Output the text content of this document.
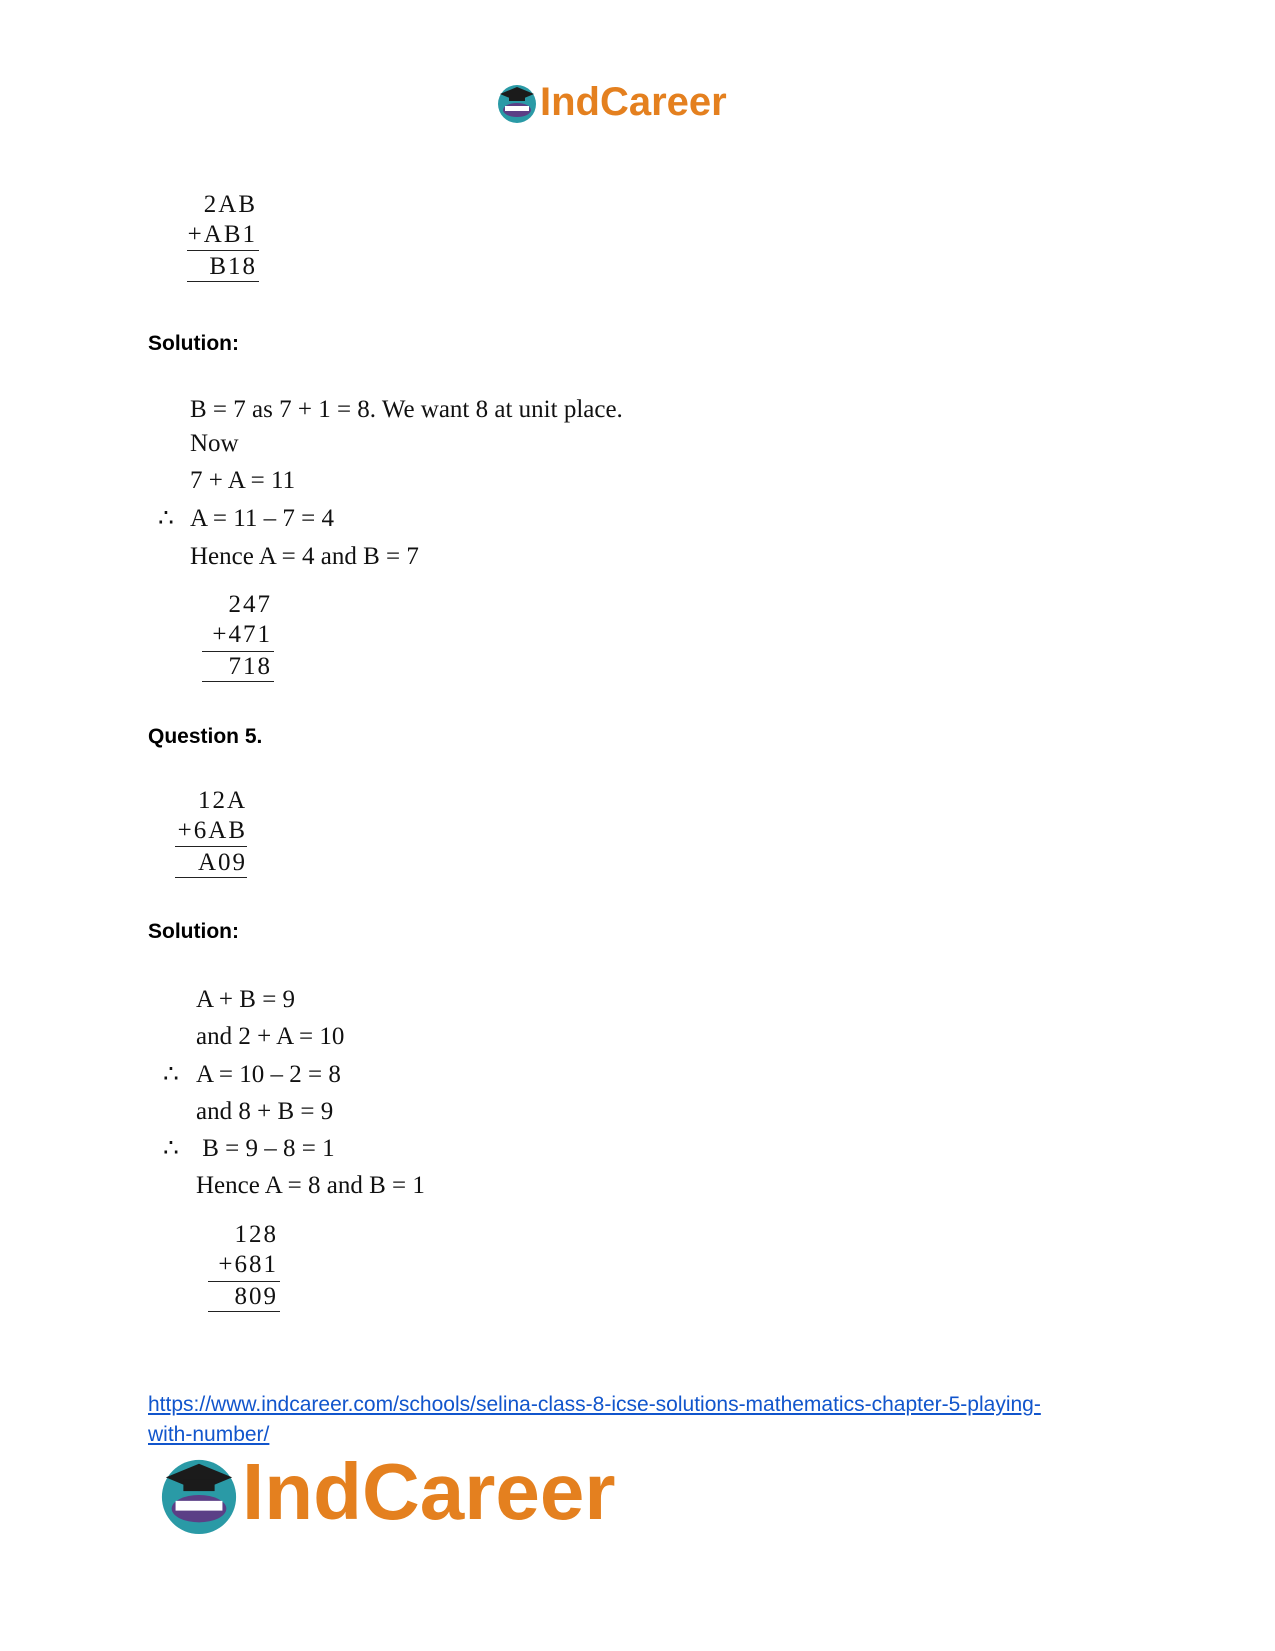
IndCareer
2AB
+AB1
B18
Solution:
B = 7 as 7 + 1 = 8. We want 8 at unit place.
Now
7 + A = 11
∴ A = 11 – 7 = 4
Hence A = 4 and B = 7
247
+471
718
Question 5.
12A
+6AB
A09
Solution:
A + B = 9
and 2 + A = 10
∴ A = 10 – 2 = 8
and 8 + B = 9
∴ B = 9 – 8 = 1
Hence A = 8 and B = 1
128
+681
809
https://www.indcareer.com/schools/selina-class-8-icse-solutions-mathematics-chapter-5-playing-
with-number/
IndCareer
